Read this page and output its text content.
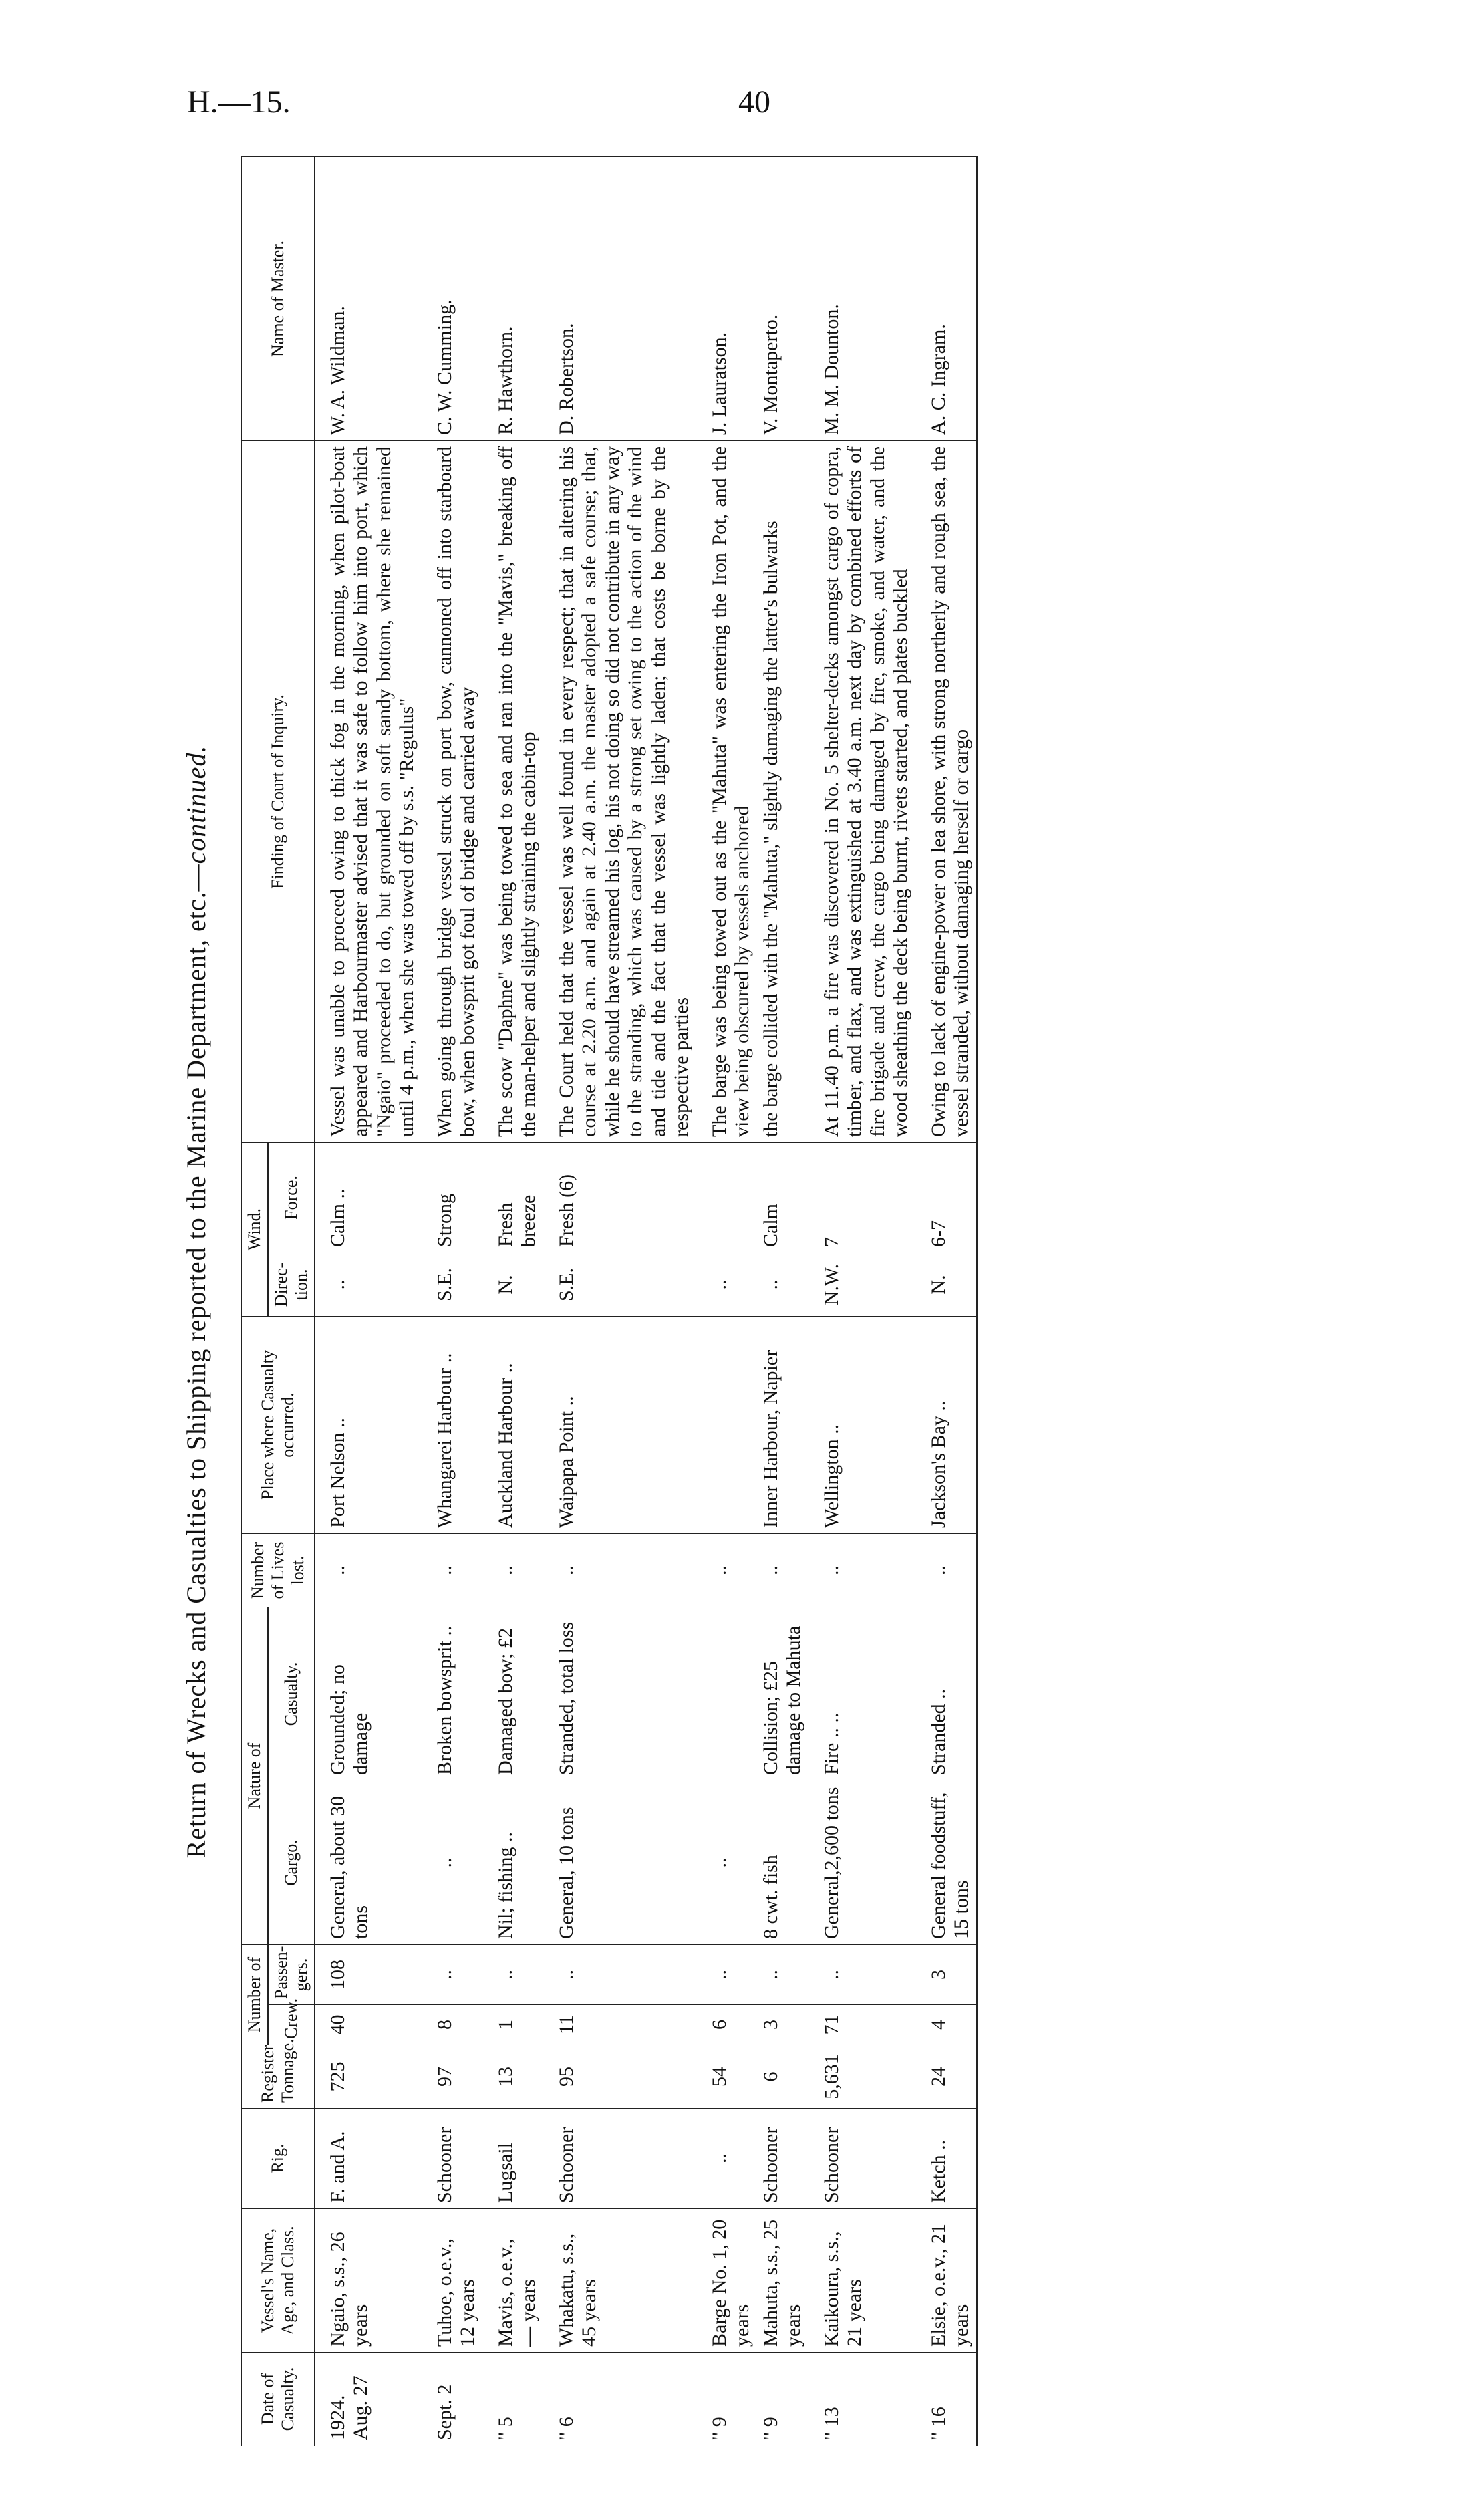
H.—15.	40
Return of Wrecks and Casualties to Shipping reported to the Marine Department, etc.—continued.
Date of Casualty.	Vessel's Name, Age, and Class.	Rig.	Register Tonnage.	Number of		Nature of		Number of Lives lost.	Place where Casualty occurred.	Wind.		Finding of Court of Inquiry.	Name of Master.
				Crew.	Passen-gers.	Cargo.	Casualty.			Direc-tion.	Force.		
1924. Aug. 27	Ngaio, s.s., 26 years	F. and A.	725	40	108	General, about 30 tons	Grounded; no damage	..	Port Nelson ..	..	Calm ..	Vessel was unable to proceed owing to thick fog in the morning, when pilot-boat appeared and Harbourmaster advised that it was safe to follow him into port, which "Ngaio" proceeded to do, but grounded on soft sandy bottom, where she remained until 4 p.m., when she was towed off by s.s. "Regulus"	W. A. Wildman.
Sept. 2	Tuhoe, o.e.v., 12 years	Schooner	97	8	..	..	Broken bowsprit ..	..	Whangarei Harbour ..	S.E.	Strong	When going through bridge vessel struck on port bow, cannoned off into starboard bow, when bowsprit got foul of bridge and carried away	C. W. Cumming.
" 5	Mavis, o.e.v., — years	Lugsail	13	1	..	Nil; fishing ..	Damaged bow; £2	..	Auckland Harbour ..	N.	Fresh breeze	The scow "Daphne" was being towed to sea and ran into the "Mavis," breaking off the man-helper and slightly straining the cabin-top	R. Hawthorn.
" 6	Whakatu, s.s., 45 years	Schooner	95	11	..	General, 10 tons	Stranded, total loss	..	Waipapa Point ..	S.E.	Fresh (6)	The Court held that the vessel was well found in every respect; that in altering his course at 2.20 a.m. and again at 2.40 a.m. the master adopted a safe course; that, while he should have streamed his log, his not doing so did not contribute in any way to the stranding, which was caused by a strong set owing to the action of the wind and tide and the fact that the vessel was lightly laden; that costs be borne by the respective parties	D. Robertson.
" 9	Barge No. 1, 20 years	..	54	6	..	..		..		..		The barge was being towed out as the "Mahuta" was entering the Iron Pot, and the view being obscured by vessels anchored	J. Lauratson.
" 9	Mahuta, s.s., 25 years	Schooner	6	3	..	8 cwt. fish	Collision; £25 damage to Mahuta	..	Inner Harbour, Napier	..	Calm	the barge collided with the "Mahuta," slightly damaging the latter's bulwarks	V. Montaperto.
" 13	Kaikoura, s.s., 21 years	Schooner	5,631	71	..	General,2,600 tons	Fire .. ..	..	Wellington ..	N.W.	7	At 11.40 p.m. a fire was discovered in No. 5 shelter-decks amongst cargo of copra, timber, and flax, and was extinguished at 3.40 a.m. next day by combined efforts of fire brigade and crew, the cargo being damaged by fire, smoke, and water, and the wood sheathing the deck being burnt, rivets started, and plates buckled	M. M. Dounton.
" 16	Elsie, o.e.v., 21 years	Ketch ..	24	4	3	General foodstuff, 15 tons	Stranded ..	..	Jackson's Bay ..	N.	6-7	Owing to lack of engine-power on lea shore, with strong northerly and rough sea, the vessel stranded, without damaging herself or cargo	A. C. Ingram.
